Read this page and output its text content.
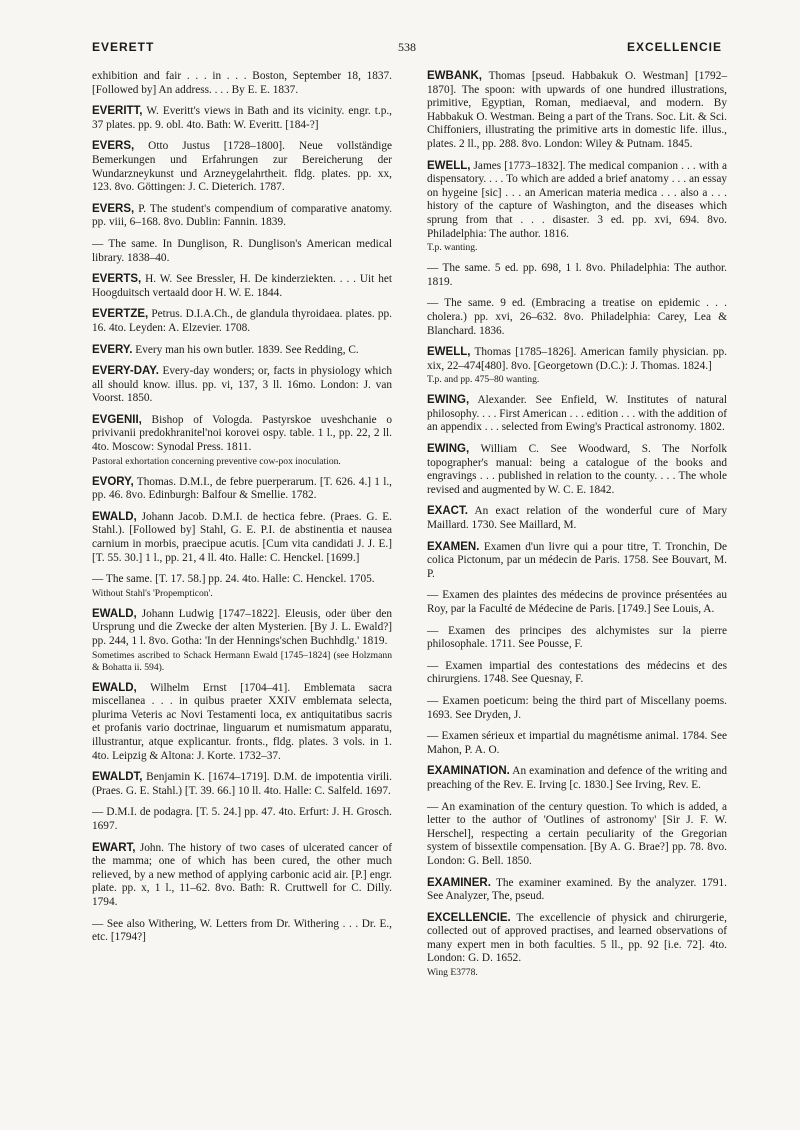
EVERETT	538	EXCELLENCIE

exhibition and fair . . . in . . . Boston, September 18, 1837. [Followed by] An address. . . . By E. E. 1837.

EVERITT, W. Everitt's views in Bath and its vicinity. engr. t.p., 37 plates. pp. 9. obl. 4to. Bath: W. Everitt. [184-?]

EVERS, Otto Justus [1728–1800]. Neue vollständige Bemerkungen und Erfahrungen zur Bereicherung der Wundarzneykunst und Arzneygelahrtheit. fldg. plates. pp. xx, 123. 8vo. Göttingen: J. C. Dieterich. 1787.

EVERS, P. The student's compendium of comparative anatomy. pp. viii, 6–168. 8vo. Dublin: Fannin. 1839.

— The same. In Dunglison, R. Dunglison's American medical library. 1838–40.

EVERTS, H. W. See Bressler, H. De kinderziekten. . . . Uit het Hoogduitsch vertaald door H. W. E. 1844.

EVERTZE, Petrus. D.I.A.Ch., de glandula thyroidaea. plates. pp. 16. 4to. Leyden: A. Elzevier. 1708.

EVERY. Every man his own butler. 1839. See Redding, C.

EVERY-DAY. Every-day wonders; or, facts in physiology which all should know. illus. pp. vi, 137, 3 ll. 16mo. London: J. van Voorst. 1850.

EVGENII, Bishop of Vologda. Pastyrskoe uveshchanie o privivanii predokhranitel'noi korovei ospy. table. 1 l., pp. 22, 2 ll. 4to. Moscow: Synodal Press. 1811.
Pastoral exhortation concerning preventive cow-pox inoculation.

EVORY, Thomas. D.M.I., de febre puerperarum. [T. 626. 4.] 1 l., pp. 46. 8vo. Edinburgh: Balfour & Smellie. 1782.

EWALD, Johann Jacob. D.M.I. de hectica febre. (Praes. G. E. Stahl.). [Followed by] Stahl, G. E. P.I. de abstinentia et nausea carnium in morbis, praecipue acutis. [Cum vita candidati J. J. E.] [T. 55. 30.] 1 l., pp. 21, 4 ll. 4to. Halle: C. Henckel. [1699.]

— The same. [T. 17. 58.] pp. 24. 4to. Halle: C. Henckel. 1705.
Without Stahl's 'Propempticon'.

EWALD, Johann Ludwig [1747–1822]. Eleusis, oder über den Ursprung und die Zwecke der alten Mysterien. [By J. L. Ewald?] pp. 244, 1 l. 8vo. Gotha: 'In der Hennings'schen Buchhdlg.' 1819.
Sometimes ascribed to Schack Hermann Ewald [1745–1824] (see Holzmann & Bohatta ii. 594).

EWALD, Wilhelm Ernst [1704–41]. Emblemata sacra miscellanea . . . in quibus praeter XXIV emblemata selecta, plurima Veteris ac Novi Testamenti loca, ex antiquitatibus sacris et profanis vario doctrinae, linguarum et numismatum apparatu, illustrantur, atque explicantur. fronts., fldg. plates. 3 vols. in 1. 4to. Leipzig & Altona: J. Korte. 1732–37.

EWALDT, Benjamin K. [1674–1719]. D.M. de impotentia virili. (Praes. G. E. Stahl.) [T. 39. 66.] 10 ll. 4to. Halle: C. Salfeld. 1697.

— D.M.I. de podagra. [T. 5. 24.] pp. 47. 4to. Erfurt: J. H. Grosch. 1697.

EWART, John. The history of two cases of ulcerated cancer of the mamma; one of which has been cured, the other much relieved, by a new method of applying carbonic acid air. [P.] engr. plate. pp. x, 1 l., 11–62. 8vo. Bath: R. Cruttwell for C. Dilly. 1794.

— See also Withering, W. Letters from Dr. Withering . . . Dr. E., etc. [1794?]

EWBANK, Thomas [pseud. Habbakuk O. Westman] [1792–1870]. The spoon: with upwards of one hundred illustrations, primitive, Egyptian, Roman, mediaeval, and modern. By Habbakuk O. Westman. Being a part of the Trans. Soc. Lit. & Sci. Chiffoniers, illustrating the primitive arts in domestic life. illus., plates. 2 ll., pp. 288. 8vo. London: Wiley & Putnam. 1845.

EWELL, James [1773–1832]. The medical companion . . . with a dispensatory. . . . To which are added a brief anatomy . . . an essay on hygeine [sic] . . . an American materia medica . . . also a . . . history of the capture of Washington, and the diseases which sprung from that . . . disaster. 3 ed. pp. xvi, 694. 8vo. Philadelphia: The author. 1816.
T.p. wanting.

— The same. 5 ed. pp. 698, 1 l. 8vo. Philadelphia: The author. 1819.

— The same. 9 ed. (Embracing a treatise on epidemic . . . cholera.) pp. xvi, 26–632. 8vo. Philadelphia: Carey, Lea & Blanchard. 1836.

EWELL, Thomas [1785–1826]. American family physician. pp. xix, 22–474[480]. 8vo. [Georgetown (D.C.): J. Thomas. 1824.]
T.p. and pp. 475–80 wanting.

EWING, Alexander. See Enfield, W. Institutes of natural philosophy. . . . First American . . . edition . . . with the addition of an appendix . . . selected from Ewing's Practical astronomy. 1802.

EWING, William C. See Woodward, S. The Norfolk topographer's manual: being a catalogue of the books and engravings . . . published in relation to the county. . . . The whole revised and augmented by W. C. E. 1842.

EXACT. An exact relation of the wonderful cure of Mary Maillard. 1730. See Maillard, M.

EXAMEN. Examen d'un livre qui a pour titre, T. Tronchin, De colica Pictonum, par un médecin de Paris. 1758. See Bouvart, M. P.

— Examen des plaintes des médecins de province présentées au Roy, par la Faculté de Médecine de Paris. [1749.] See Louis, A.

— Examen des principes des alchymistes sur la pierre philosophale. 1711. See Pousse, F.

— Examen impartial des contestations des médecins et des chirurgiens. 1748. See Quesnay, F.

— Examen poeticum: being the third part of Miscellany poems. 1693. See Dryden, J.

— Examen sérieux et impartial du magnétisme animal. 1784. See Mahon, P. A. O.

EXAMINATION. An examination and defence of the writing and preaching of the Rev. E. Irving [c. 1830.] See Irving, Rev. E.

— An examination of the century question. To which is added, a letter to the author of 'Outlines of astronomy' [Sir J. F. W. Herschel], respecting a certain peculiarity of the Gregorian system of bissextile compensation. [By A. G. Brae?] pp. 78. 8vo. London: G. Bell. 1850.

EXAMINER. The examiner examined. By the analyzer. 1791. See Analyzer, The, pseud.

EXCELLENCIE. The excellencie of physick and chirurgerie, collected out of approved practises, and learned observations of many expert men in both faculties. 5 ll., pp. 92 [i.e. 72]. 4to. London: G. D. 1652.
Wing E3778.
